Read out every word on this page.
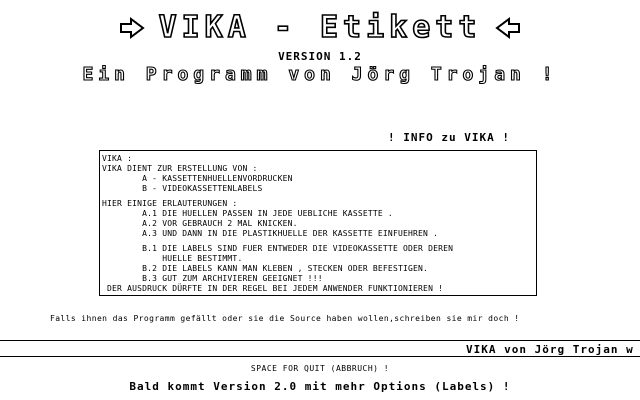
VIKA - Etikett
VERSION 1.2
Ein Programm von Jörg Trojan !
! INFO zu VIKA !
VIKA :
VIKA DIENT ZUR ERSTELLUNG VON :
A - KASSETTENHUELLENVORDRUCKEN
B - VIDEOKASSETTENLABELS
HIER EINIGE ERLAUTERUNGEN :
A.1 DIE HUELLEN PASSEN IN JEDE UEBLICHE KASSETTE .
A.2 VOR GEBRAUCH 2 MAL KNICKEN.
A.3 UND DANN IN DIE PLASTIKHUELLE DER KASSETTE EINFUEHREN .
B.1 DIE LABELS SIND FUER ENTWEDER DIE VIDEOKASSETTE ODER DEREN
HUELLE BESTIMMT.
B.2 DIE LABELS KANN MAN KLEBEN , STECKEN ODER BEFESTIGEN.
B.3 GUT ZUM ARCHIVIEREN GEEIGNET !!!
DER AUSDRUCK DÜRFTE IN DER REGEL BEI JEDEM ANWENDER FUNKTIONIEREN !
Falls ihnen das Programm gefällt oder sie die Source haben wollen,schreiben sie mir doch !
VIKA von Jörg Trojan w
SPACE FOR QUIT (ABBRUCH) !
Bald kommt Version 2.0 mit mehr Options (Labels) !
